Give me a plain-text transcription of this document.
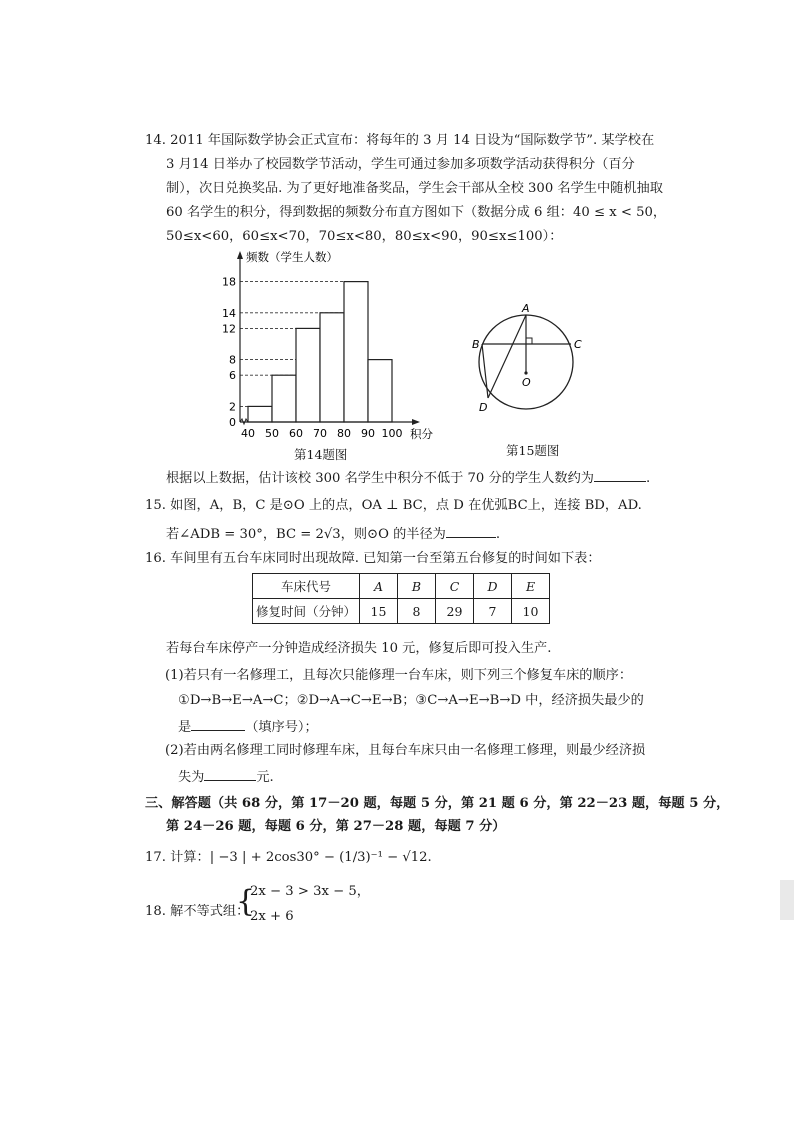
14. 2011 年国际数学协会正式宣布：将每年的 3 月 14 日设为“国际数学节”. 某学校在
3 月14 日举办了校园数学节活动，学生可通过参加多项数学活动获得积分（百分
制），次日兑换奖品. 为了更好地准备奖品，学生会干部从全校 300 名学生中随机抽取
60 名学生的积分，得到数据的频数分布直方图如下（数据分成 6 组：40 ≤ x < 50，
50≤x<60，60≤x<70，70≤x<80，80≤x<90，90≤x≤100）：
0
2
6
8
12
14
18
40 50 60 70 80 90 100
频数（学生人数）
积分
第14题图
A
B	C
D
O
第15题图
根据以上数据，估计该校 300 名学生中积分不低于 70 分的学生人数约为	.
15. 如图，A，B，C 是⊙O 上的点，OA ⊥ BC，点 D 在优弧BC上，连接 BD，AD.
若∠ADB = 30°，BC = 2√3，则⊙O 的半径为	.
16. 车间里有五台车床同时出现故障. 已知第一台至第五台修复的时间如下表：
车床代号	A	B	C	D	E
修复时间（分钟）	15	8	29	7	10
若每台车床停产一分钟造成经济损失 10 元，修复后即可投入生产.
(1)若只有一名修理工，且每次只能修理一台车床，则下列三个修复车床的顺序：
①D→B→E→A→C；②D→A→C→E→B；③C→A→E→B→D 中，经济损失最少的
是	（填序号）；
(2)若由两名修理工同时修理车床，且每台车床只由一名修理工修理，则最少经济损
失为	元.
三、解答题（共 68 分，第 17－20 题，每题 5 分，第 21 题 6 分，第 22－23 题，每题 5 分，
第 24－26 题，每题 6 分，第 27－28 题，每题 7 分）
17. 计算：| −3 | + 2cos30° − (1/3)⁻¹ − √12.
18. 解不等式组：
{
2x − 3 > 3x − 5，
2x + 6
